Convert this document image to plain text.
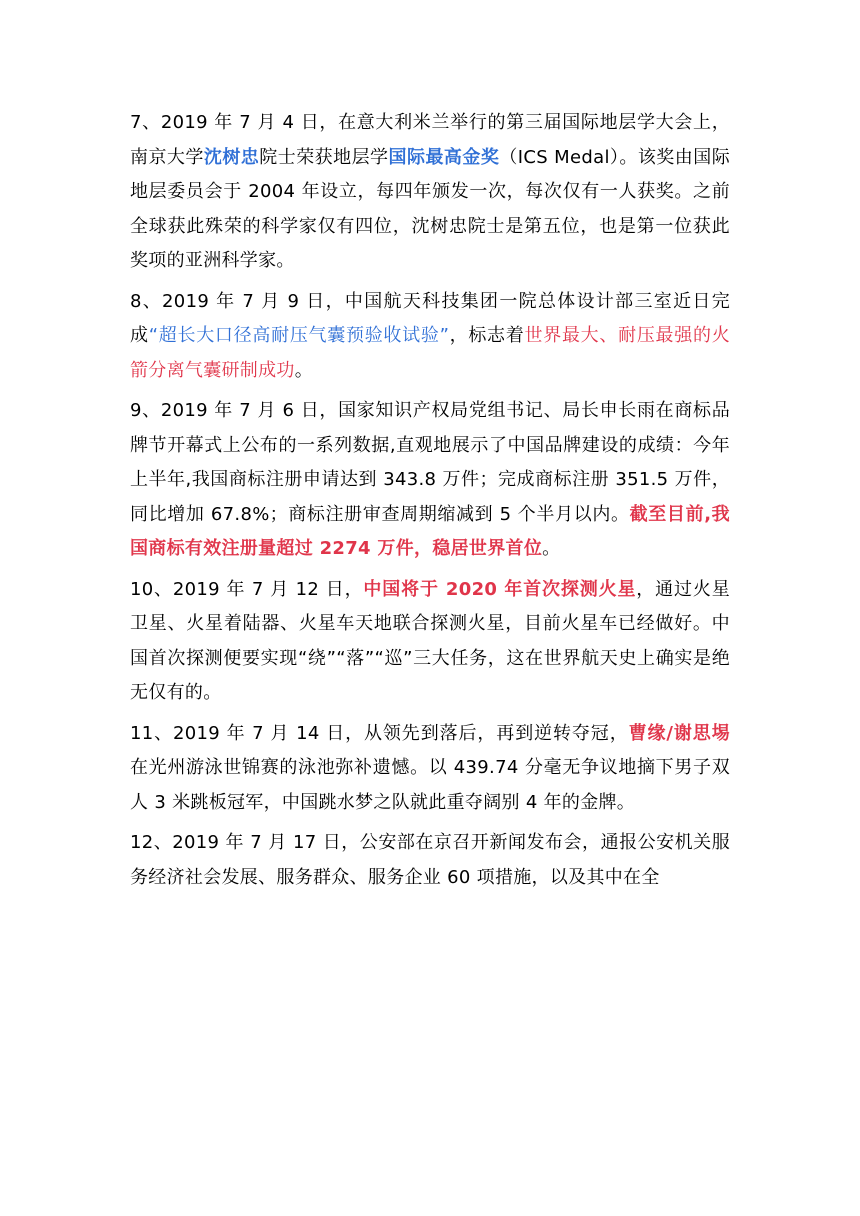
7、2019 年 7 月 4 日，在意大利米兰举行的第三届国际地层学大会上，南京大学沈树忠院士荣获地层学国际最高金奖（ICS Medal）。该奖由国际地层委员会于 2004 年设立，每四年颁发一次，每次仅有一人获奖。之前全球获此殊荣的科学家仅有四位，沈树忠院士是第五位，也是第一位获此奖项的亚洲科学家。

8、2019 年 7 月 9 日，中国航天科技集团一院总体设计部三室近日完成“超长大口径高耐压气囊预验收试验”，标志着世界最大、耐压最强的火箭分离气囊研制成功。

9、2019 年 7 月 6 日，国家知识产权局党组书记、局长申长雨在商标品牌节开幕式上公布的一系列数据,直观地展示了中国品牌建设的成绩：今年上半年,我国商标注册申请达到 343.8 万件；完成商标注册 351.5 万件，同比增加 67.8%；商标注册审查周期缩减到 5 个半月以内。截至目前,我国商标有效注册量超过 2274 万件，稳居世界首位。

10、2019 年 7 月 12 日，中国将于 2020 年首次探测火星，通过火星卫星、火星着陆器、火星车天地联合探测火星，目前火星车已经做好。中国首次探测便要实现“绕”“落”“巡”三大任务，这在世界航天史上确实是绝无仅有的。

11、2019 年 7 月 14 日，从领先到落后，再到逆转夺冠，曹缘/谢思埸在光州游泳世锦赛的泳池弥补遗憾。以 439.74 分毫无争议地摘下男子双人 3 米跳板冠军，中国跳水梦之队就此重夺阔别 4 年的金牌。

12、2019 年 7 月 17 日，公安部在京召开新闻发布会，通报公安机关服务经济社会发展、服务群众、服务企业 60 项措施，以及其中在全
